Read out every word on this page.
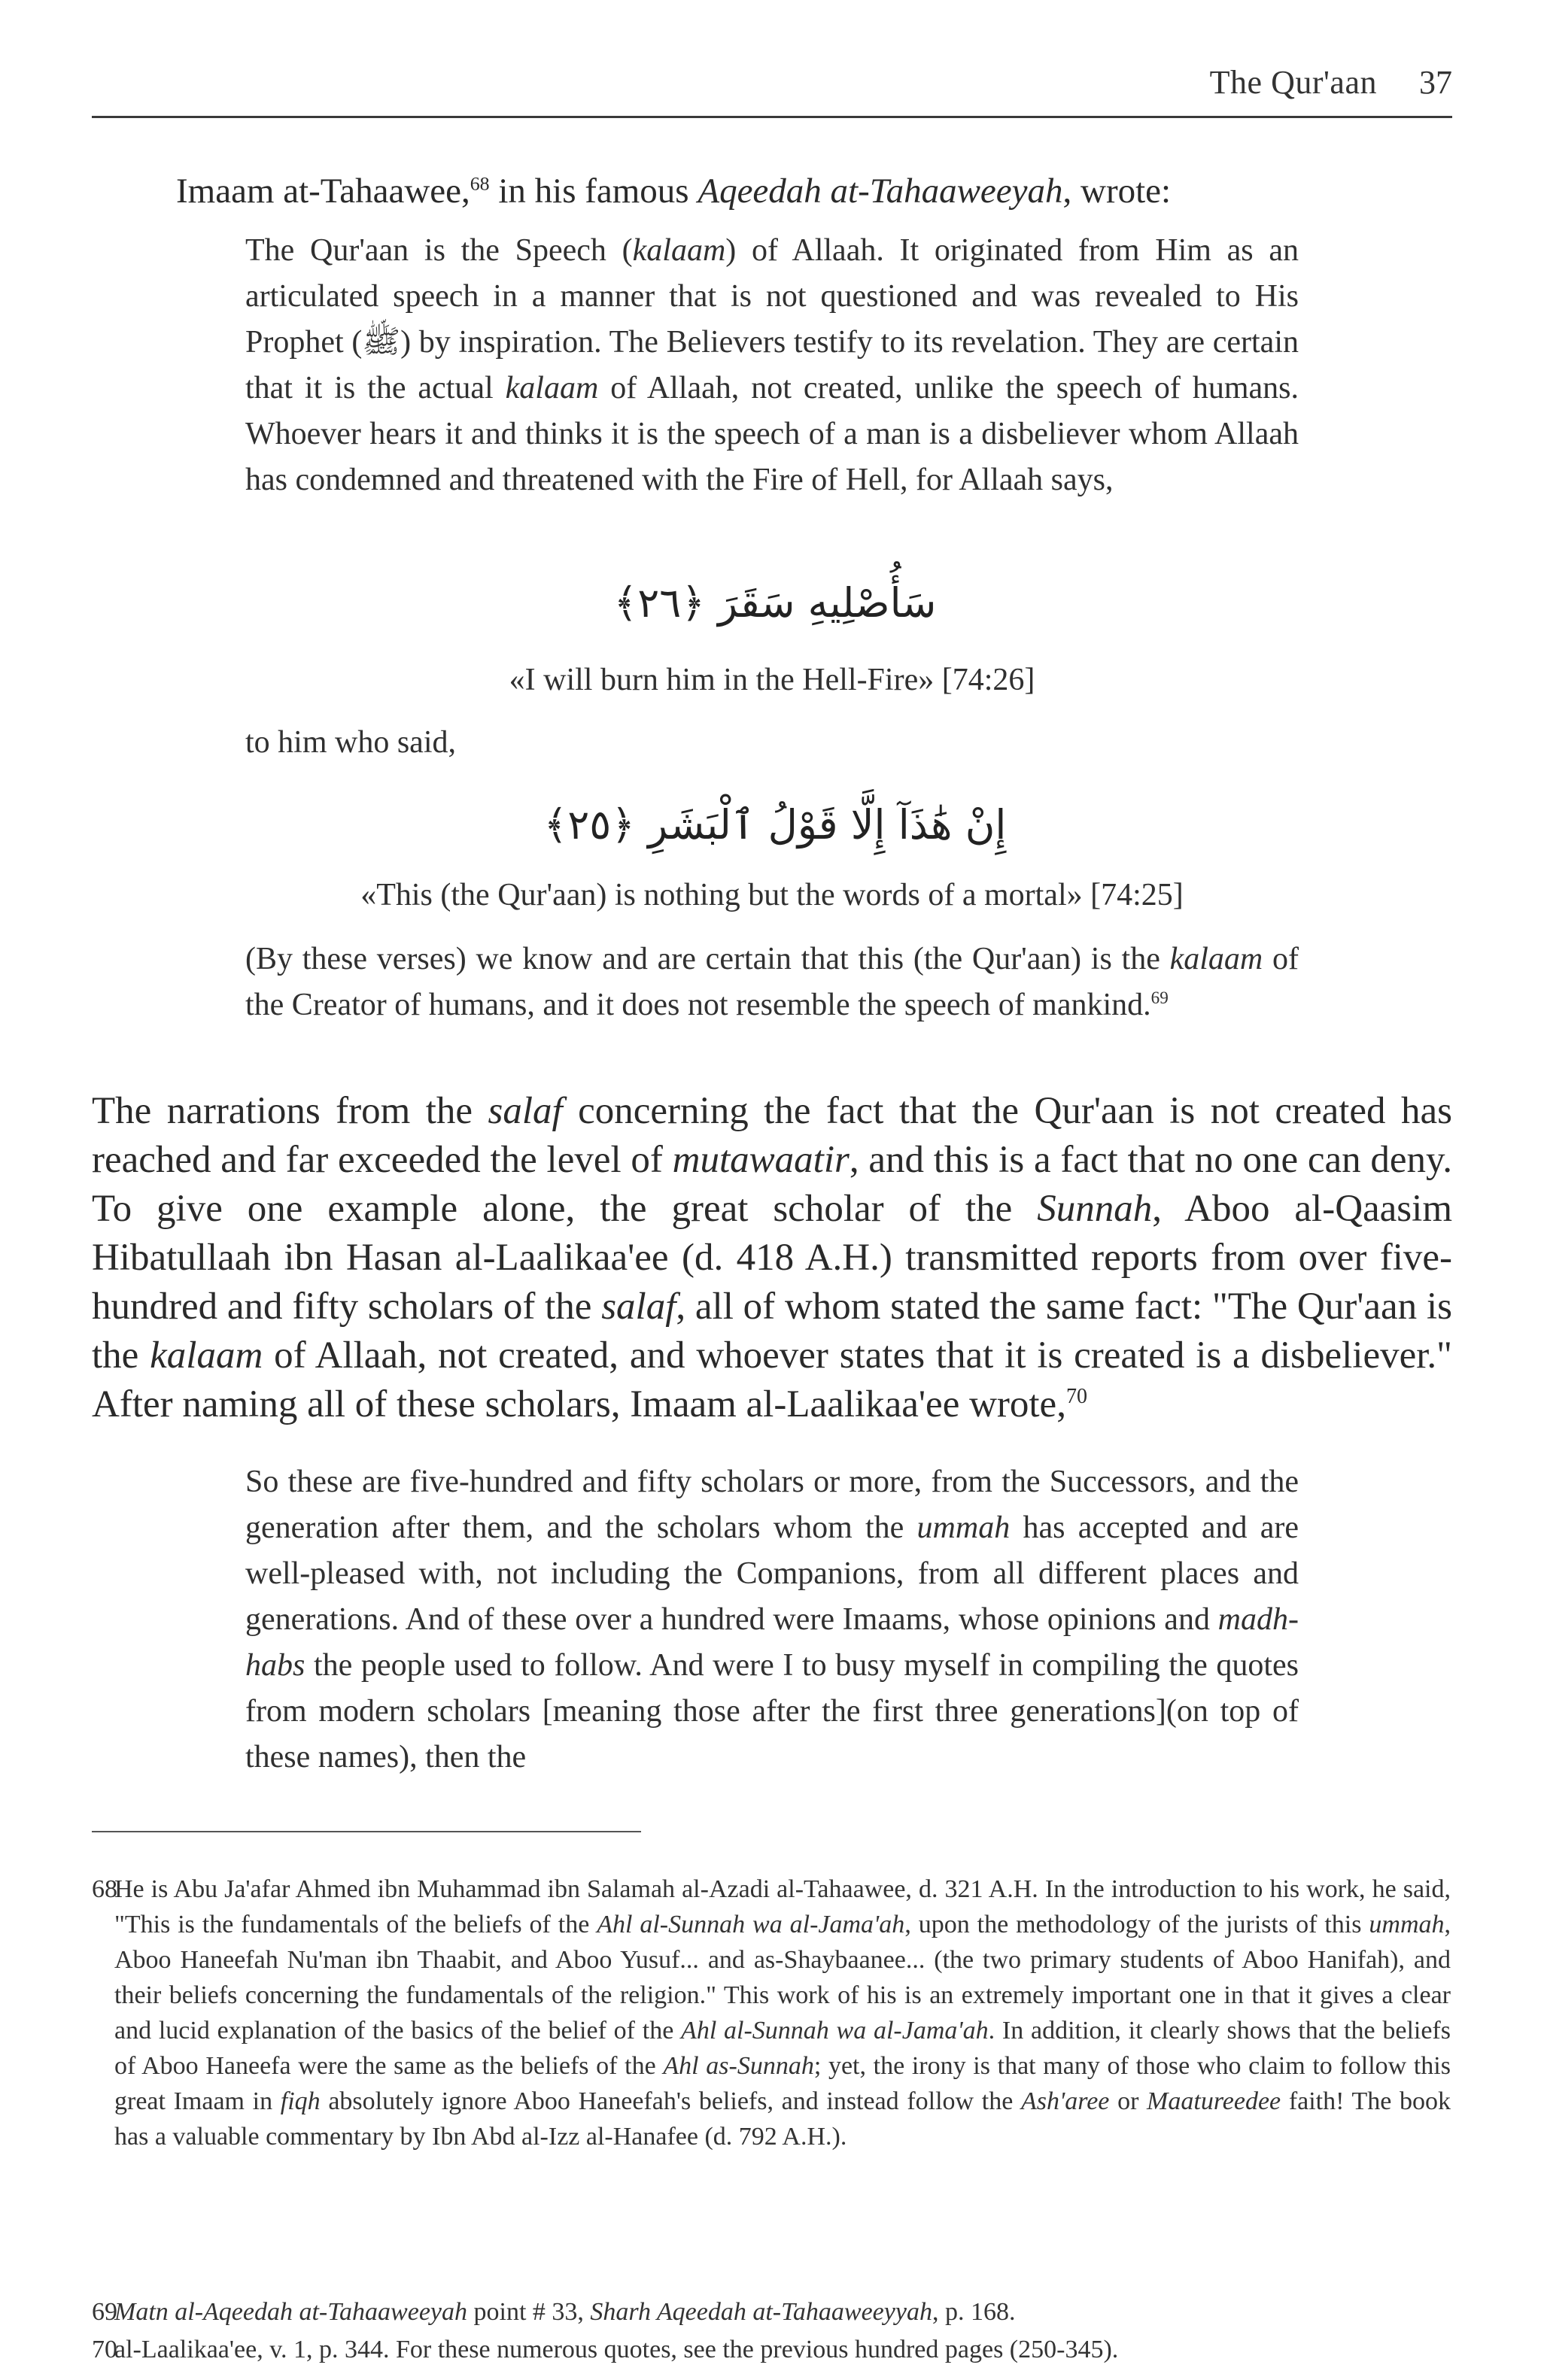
The Qur'aan 37

Imaam at-Tahaawee,$^{68}$ in his famous Aqeedah at-Tahaaweeyah, wrote:

The Qur'aan is the Speech (kalaam) of Allaah. It originated from Him as an articulated speech in a manner that is not questioned and was revealed to His Prophet (ﷺ) by inspiration. The Believers testify to its revelation. They are certain that it is the actual kalaam of Allaah, not created, unlike the speech of humans. Whoever hears it and thinks it is the speech of a man is a disbeliever whom Allaah has condemned and threatened with the Fire of Hell, for Allaah says,

سَأُصْلِيهِ سَقَرَ ﴿٢٦﴾
«I will burn him in the Hell-Fire» [74:26]
to him who said,
إِنْ هَٰذَآ إِلَّا قَوْلُ ٱلْبَشَرِ ﴿٢٥﴾
«This (the Qur'aan) is nothing but the words of a mortal» [74:25]

(By these verses) we know and are certain that this (the Qur'aan) is the kalaam of the Creator of humans, and it does not resemble the speech of mankind.$^{69}$

The narrations from the salaf concerning the fact that the Qur'aan is not created has reached and far exceeded the level of mutawaatir, and this is a fact that no one can deny. To give one example alone, the great scholar of the Sunnah, Aboo al-Qaasim Hibatullaah ibn Hasan al-Laalikaa'ee (d. 418 A.H.) transmitted reports from over five-hundred and fifty scholars of the salaf, all of whom stated the same fact: "The Qur'aan is the kalaam of Allaah, not created, and whoever states that it is created is a disbeliever." After naming all of these scholars, Imaam al-Laalikaa'ee wrote,$^{70}$

So these are five-hundred and fifty scholars or more, from the Successors, and the generation after them, and the scholars whom the ummah has accepted and are well-pleased with, not including the Companions, from all different places and generations. And of these over a hundred were Imaams, whose opinions and madh-habs the people used to follow. And were I to busy myself in compiling the quotes from modern scholars [meaning those after the first three generations](on top of these names), then the

68
He is Abu Ja'afar Ahmed ibn Muhammad ibn Salamah al-Azadi al-Tahaawee, d. 321 A.H. In the introduction to his work, he said, "This is the fundamentals of the beliefs of the Ahl al-Sunnah wa al-Jama'ah, upon the methodology of the jurists of this ummah, Aboo Haneefah Nu'man ibn Thaabit, and Aboo Yusuf... and as-Shaybaanee... (the two primary students of Aboo Hanifah), and their beliefs concerning the fundamentals of the religion." This work of his is an extremely important one in that it gives a clear and lucid explanation of the basics of the belief of the Ahl al-Sunnah wa al-Jama'ah. In addition, it clearly shows that the beliefs of Aboo Haneefa were the same as the beliefs of the Ahl as-Sunnah; yet, the irony is that many of those who claim to follow this great Imaam in fiqh absolutely ignore Aboo Haneefah's beliefs, and instead follow the Ash'aree or Maatureedee faith! The book has a valuable commentary by Ibn Abd al-Izz al-Hanafee (d. 792 A.H.).

69
Matn al-Aqeedah at-Tahaaweeyah point # 33, Sharh Aqeedah at-Tahaaweeyyah, p. 168.

70
al-Laalikaa'ee, v. 1, p. 344. For these numerous quotes, see the previous hundred pages (250-345).
